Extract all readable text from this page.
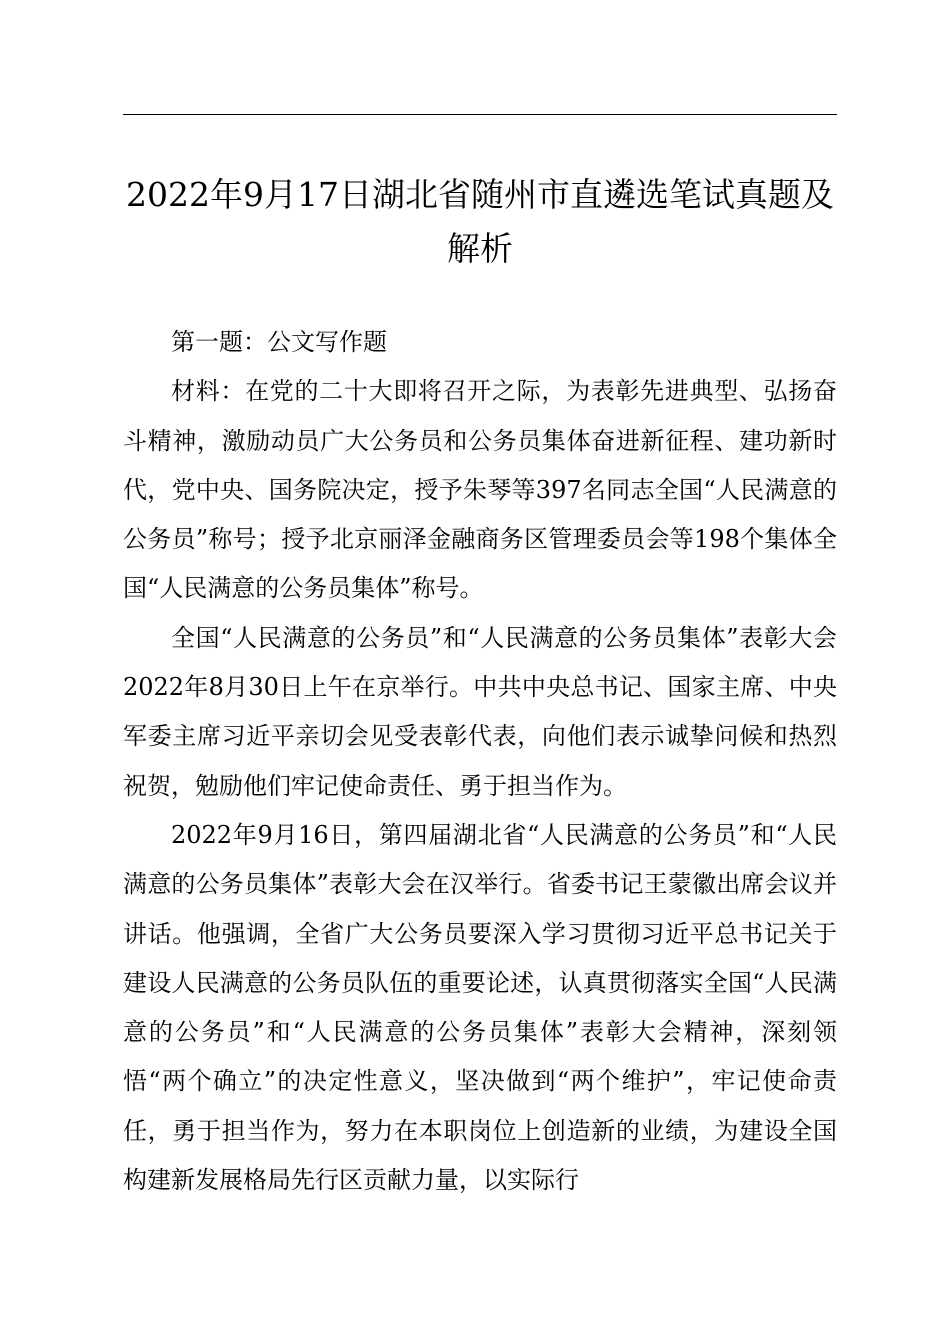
2022年9月17日湖北省随州市直遴选笔试真题及解析

第一题：公文写作题

材料：在党的二十大即将召开之际，为表彰先进典型、弘扬奋斗精神，激励动员广大公务员和公务员集体奋进新征程、建功新时代，党中央、国务院决定，授予朱琴等397名同志全国“人民满意的公务员”称号；授予北京丽泽金融商务区管理委员会等198个集体全国“人民满意的公务员集体”称号。

全国“人民满意的公务员”和“人民满意的公务员集体”表彰大会2022年8月30日上午在京举行。中共中央总书记、国家主席、中央军委主席习近平亲切会见受表彰代表，向他们表示诚挚问候和热烈祝贺，勉励他们牢记使命责任、勇于担当作为。

2022年9月16日，第四届湖北省“人民满意的公务员”和“人民满意的公务员集体”表彰大会在汉举行。省委书记王蒙徽出席会议并讲话。他强调，全省广大公务员要深入学习贯彻习近平总书记关于建设人民满意的公务员队伍的重要论述，认真贯彻落实全国“人民满意的公务员”和“人民满意的公务员集体”表彰大会精神，深刻领悟“两个确立”的决定性意义，坚决做到“两个维护”，牢记使命责任，勇于担当作为，努力在本职岗位上创造新的业绩，为建设全国构建新发展格局先行区贡献力量，以实际行
